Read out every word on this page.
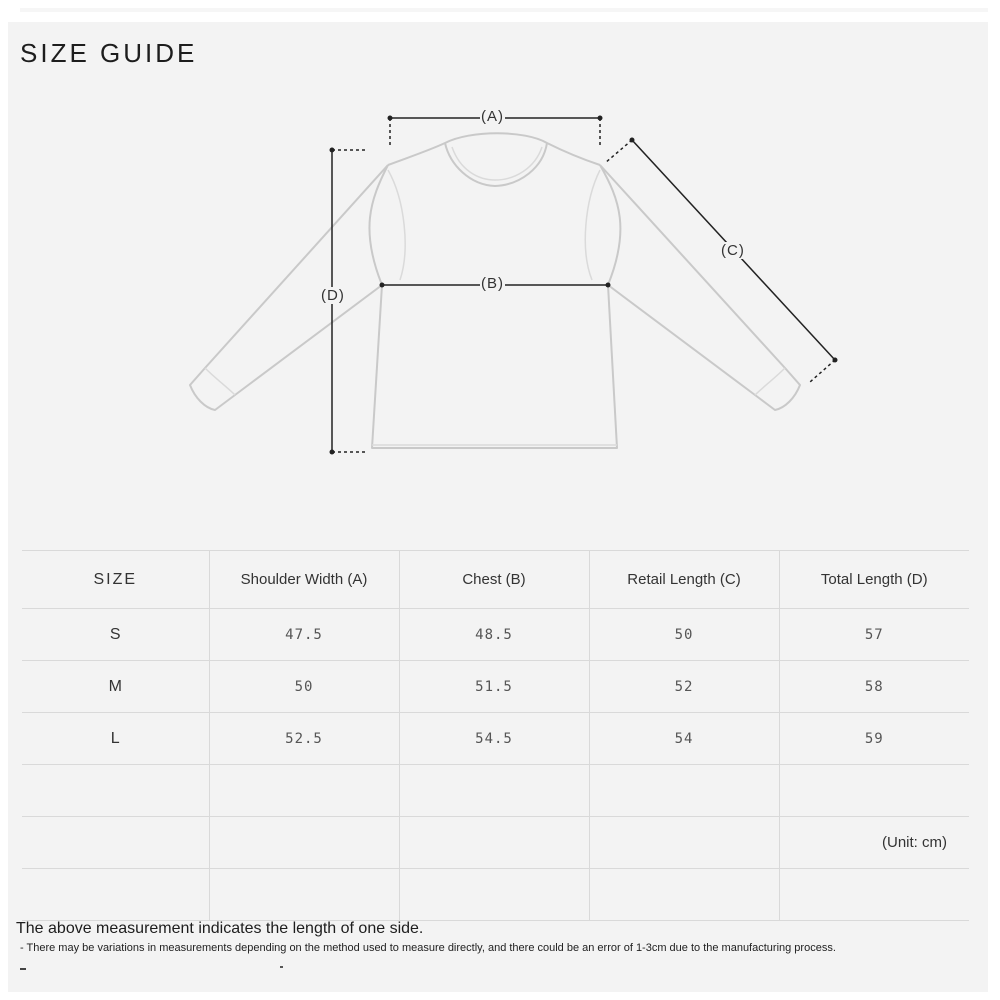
SIZE GUIDE
(A)
(B)
(C)
(D)
SIZE	Shoulder Width (A)	Chest (B)	Retail Length (C)	Total Length (D)
S	47.5	48.5	50	57
M	50	51.5	52	58
L	52.5	54.5	54	59

				(Unit: cm)

The above measurement indicates the length of one side.
- There may be variations in measurements depending on the method used to measure directly, and there could be an error of 1-3cm due to the manufacturing process.
